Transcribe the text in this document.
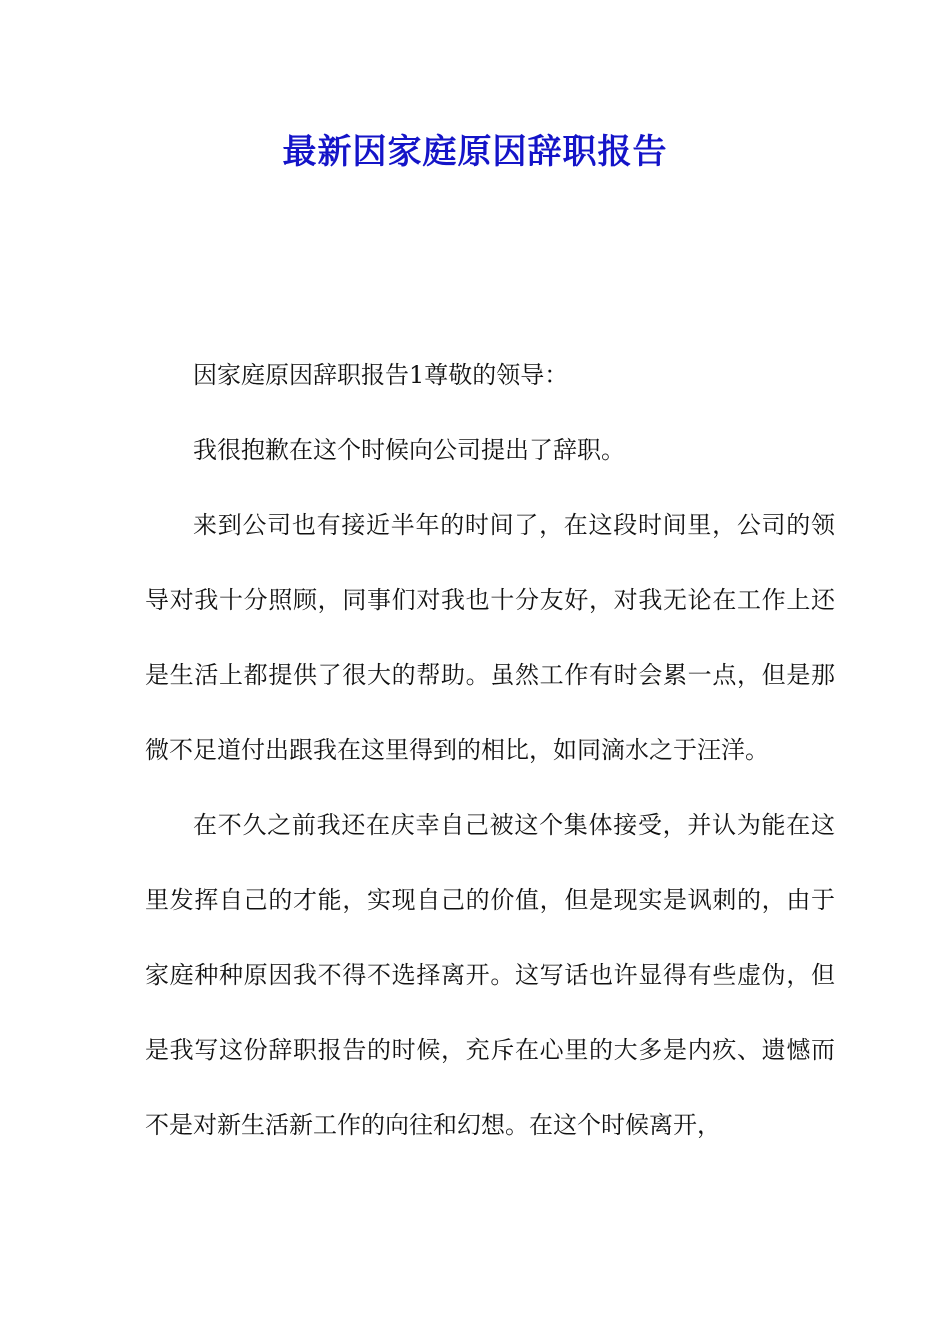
最新因家庭原因辞职报告

因家庭原因辞职报告1尊敬的领导：

我很抱歉在这个时候向公司提出了辞职。

来到公司也有接近半年的时间了，在这段时间里，公司的领导对我十分照顾，同事们对我也十分友好，对我无论在工作上还是生活上都提供了很大的帮助。虽然工作有时会累一点，但是那微不足道付出跟我在这里得到的相比，如同滴水之于汪洋。

在不久之前我还在庆幸自己被这个集体接受，并认为能在这里发挥自己的才能，实现自己的价值，但是现实是讽刺的，由于家庭种种原因我不得不选择离开。这写话也许显得有些虚伪，但是我写这份辞职报告的时候，充斥在心里的大多是内疚、遗憾而不是对新生活新工作的向往和幻想。在这个时候离开，
